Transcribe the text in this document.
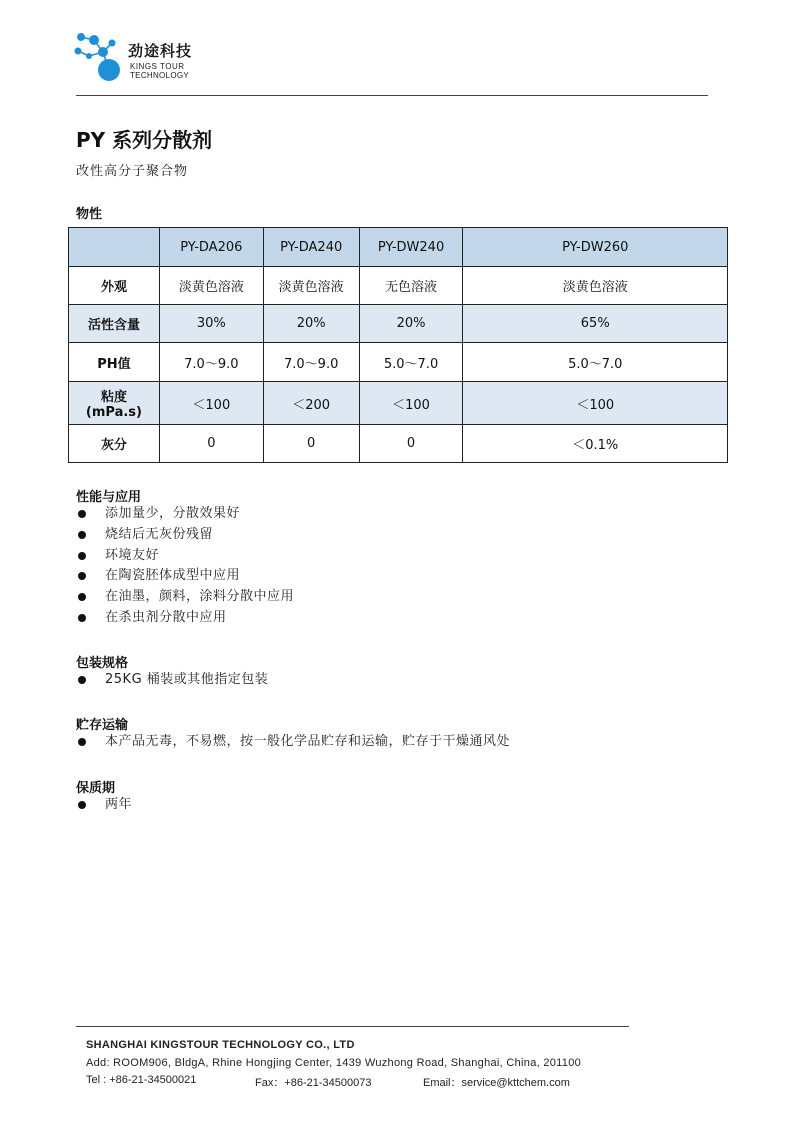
劲途科技
KINGS TOUR
TECHNOLOGY
PY 系列分散剂
改性高分子聚合物
物性
	PY-DA206	PY-DA240	PY-DW240	PY-DW260
外观	淡黄色溶液	淡黄色溶液	无色溶液	淡黄色溶液
活性含量	30%	20%	20%	65%
PH值	7.0～9.0	7.0～9.0	5.0～7.0	5.0～7.0

粘度
(mPa.s)	＜100	＜200	＜100	＜100
灰分	0	0	0	＜0.1%
性能与应用
添加量少，分散效果好
烧结后无灰份残留
环境友好
在陶瓷胚体成型中应用
在油墨，颜料，涂料分散中应用
在杀虫剂分散中应用
包装规格
25KG 桶装或其他指定包装
贮存运输
本产品无毒，不易燃，按一般化学品贮存和运输，贮存于干燥通风处
保质期
两年
SHANGHAI KINGSTOUR TECHNOLOGY CO., LTD
Add: ROOM906, BldgA, Rhine Hongjing Center, 1439 Wuzhong Road, Shanghai, China, 201100
Tel : +86-21-34500021	Fax：+86-21-34500073	Email：service@kttchem.com
